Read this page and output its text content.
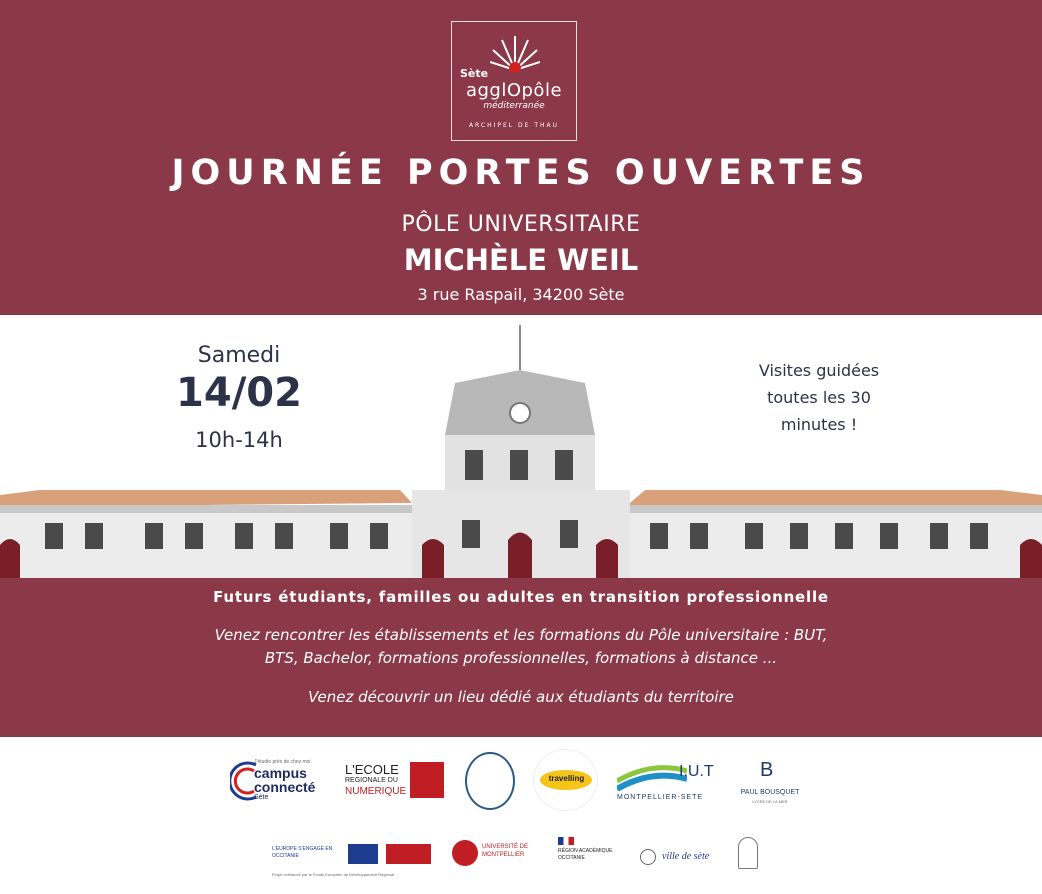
Sète
agglOpôle
méditerranée
ARCHIPEL DE THAU
JOURNÉE PORTES OUVERTES
PÔLE UNIVERSITAIRE
MICHÈLE WEIL
3 rue Raspail, 34200 Sète
Samedi
14/02
10h-14h
Visites guidées
toutes les 30
minutes !
Futurs étudiants, familles ou adultes en transition professionnelle
Venez rencontrer les établissements et les formations du Pôle universitaire : BUT,
BTS, Bachelor, formations professionnelles, formations à distance ...
Venez découvrir un lieu dédié aux étudiants du territoire
J'étudie près de chez moi
campus
connecté
Sète
L'ECOLE
REGIONALE DU
NUMERIQUE
travelling	I.U.T
MONTPELLIER-SETE
B
PAUL BOUSQUET
LYCÉE DE LA MER
L'EUROPE S'ENGAGE EN OCCITANIE
Projet cofinancé par le Fonds Européen de Développement Régional
UNIVERSITÉ DE
MONTPELLIER
RÉGION ACADÉMIQUE
OCCITANIE	ville de sète
